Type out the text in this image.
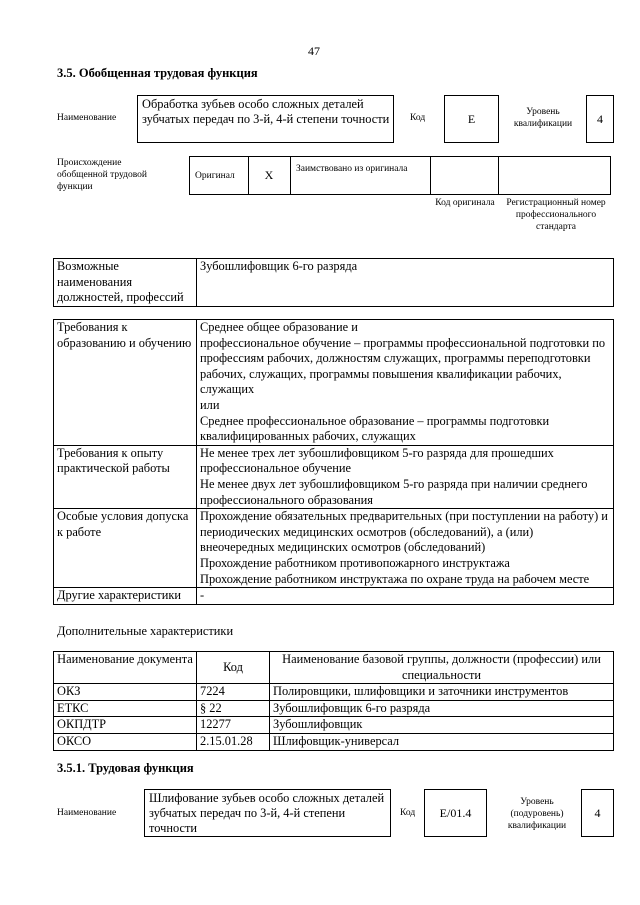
47
3.5. Обобщенная трудовая функция
Наименование
Обработка зубьев особо сложных деталей зубчатых передач по 3-й, 4-й степени точности Код	E	Уровень квалификации	4
Происхождение обобщенной трудовой функции
Оригинал	X	Заимствовано из оригинала
Код оригинала	Регистрационный номер профессионального стандарта
Возможные наименования должностей, профессий	Зубошлифовщик 6-го разряда
Требования к образованию и обучению	Среднее общее образование и
профессиональное обучение – программы профессиональной подготовки по профессиям рабочих, должностям служащих, программы переподготовки рабочих, служащих, программы повышения квалификации рабочих, служащих
или
Среднее профессиональное образование – программы подготовки квалифицированных рабочих, служащих

Требования к опыту практической работы	Не менее трех лет зубошлифовщиком 5-го разряда для прошедших профессиональное обучение
Не менее двух лет зубошлифовщиком 5-го разряда при наличии среднего профессионального образования

Особые условия допуска к работе	Прохождение обязательных предварительных (при поступлении на работу) и периодических медицинских осмотров (обследований), а (или) внеочередных медицинских осмотров (обследований)
Прохождение работником противопожарного инструктажа
Прохождение работником инструктажа по охране труда на рабочем месте

Другие характеристики	-
Дополнительные характеристики
Наименование документа	Код	Наименование базовой группы, должности (профессии) или специальности
ОКЗ	7224	Полировщики, шлифовщики и заточники инструментов
ЕТКС	§ 22	Зубошлифовщик 6-го разряда
ОКПДТР	12277	Зубошлифовщик
ОКСО	2.15.01.28	Шлифовщик-универсал
3.5.1. Трудовая функция
Наименование
Шлифование зубьев особо сложных деталей зубчатых передач по 3-й, 4-й степени точности
Код	E/01.4
Уровень (подуровень) квалификации
4
